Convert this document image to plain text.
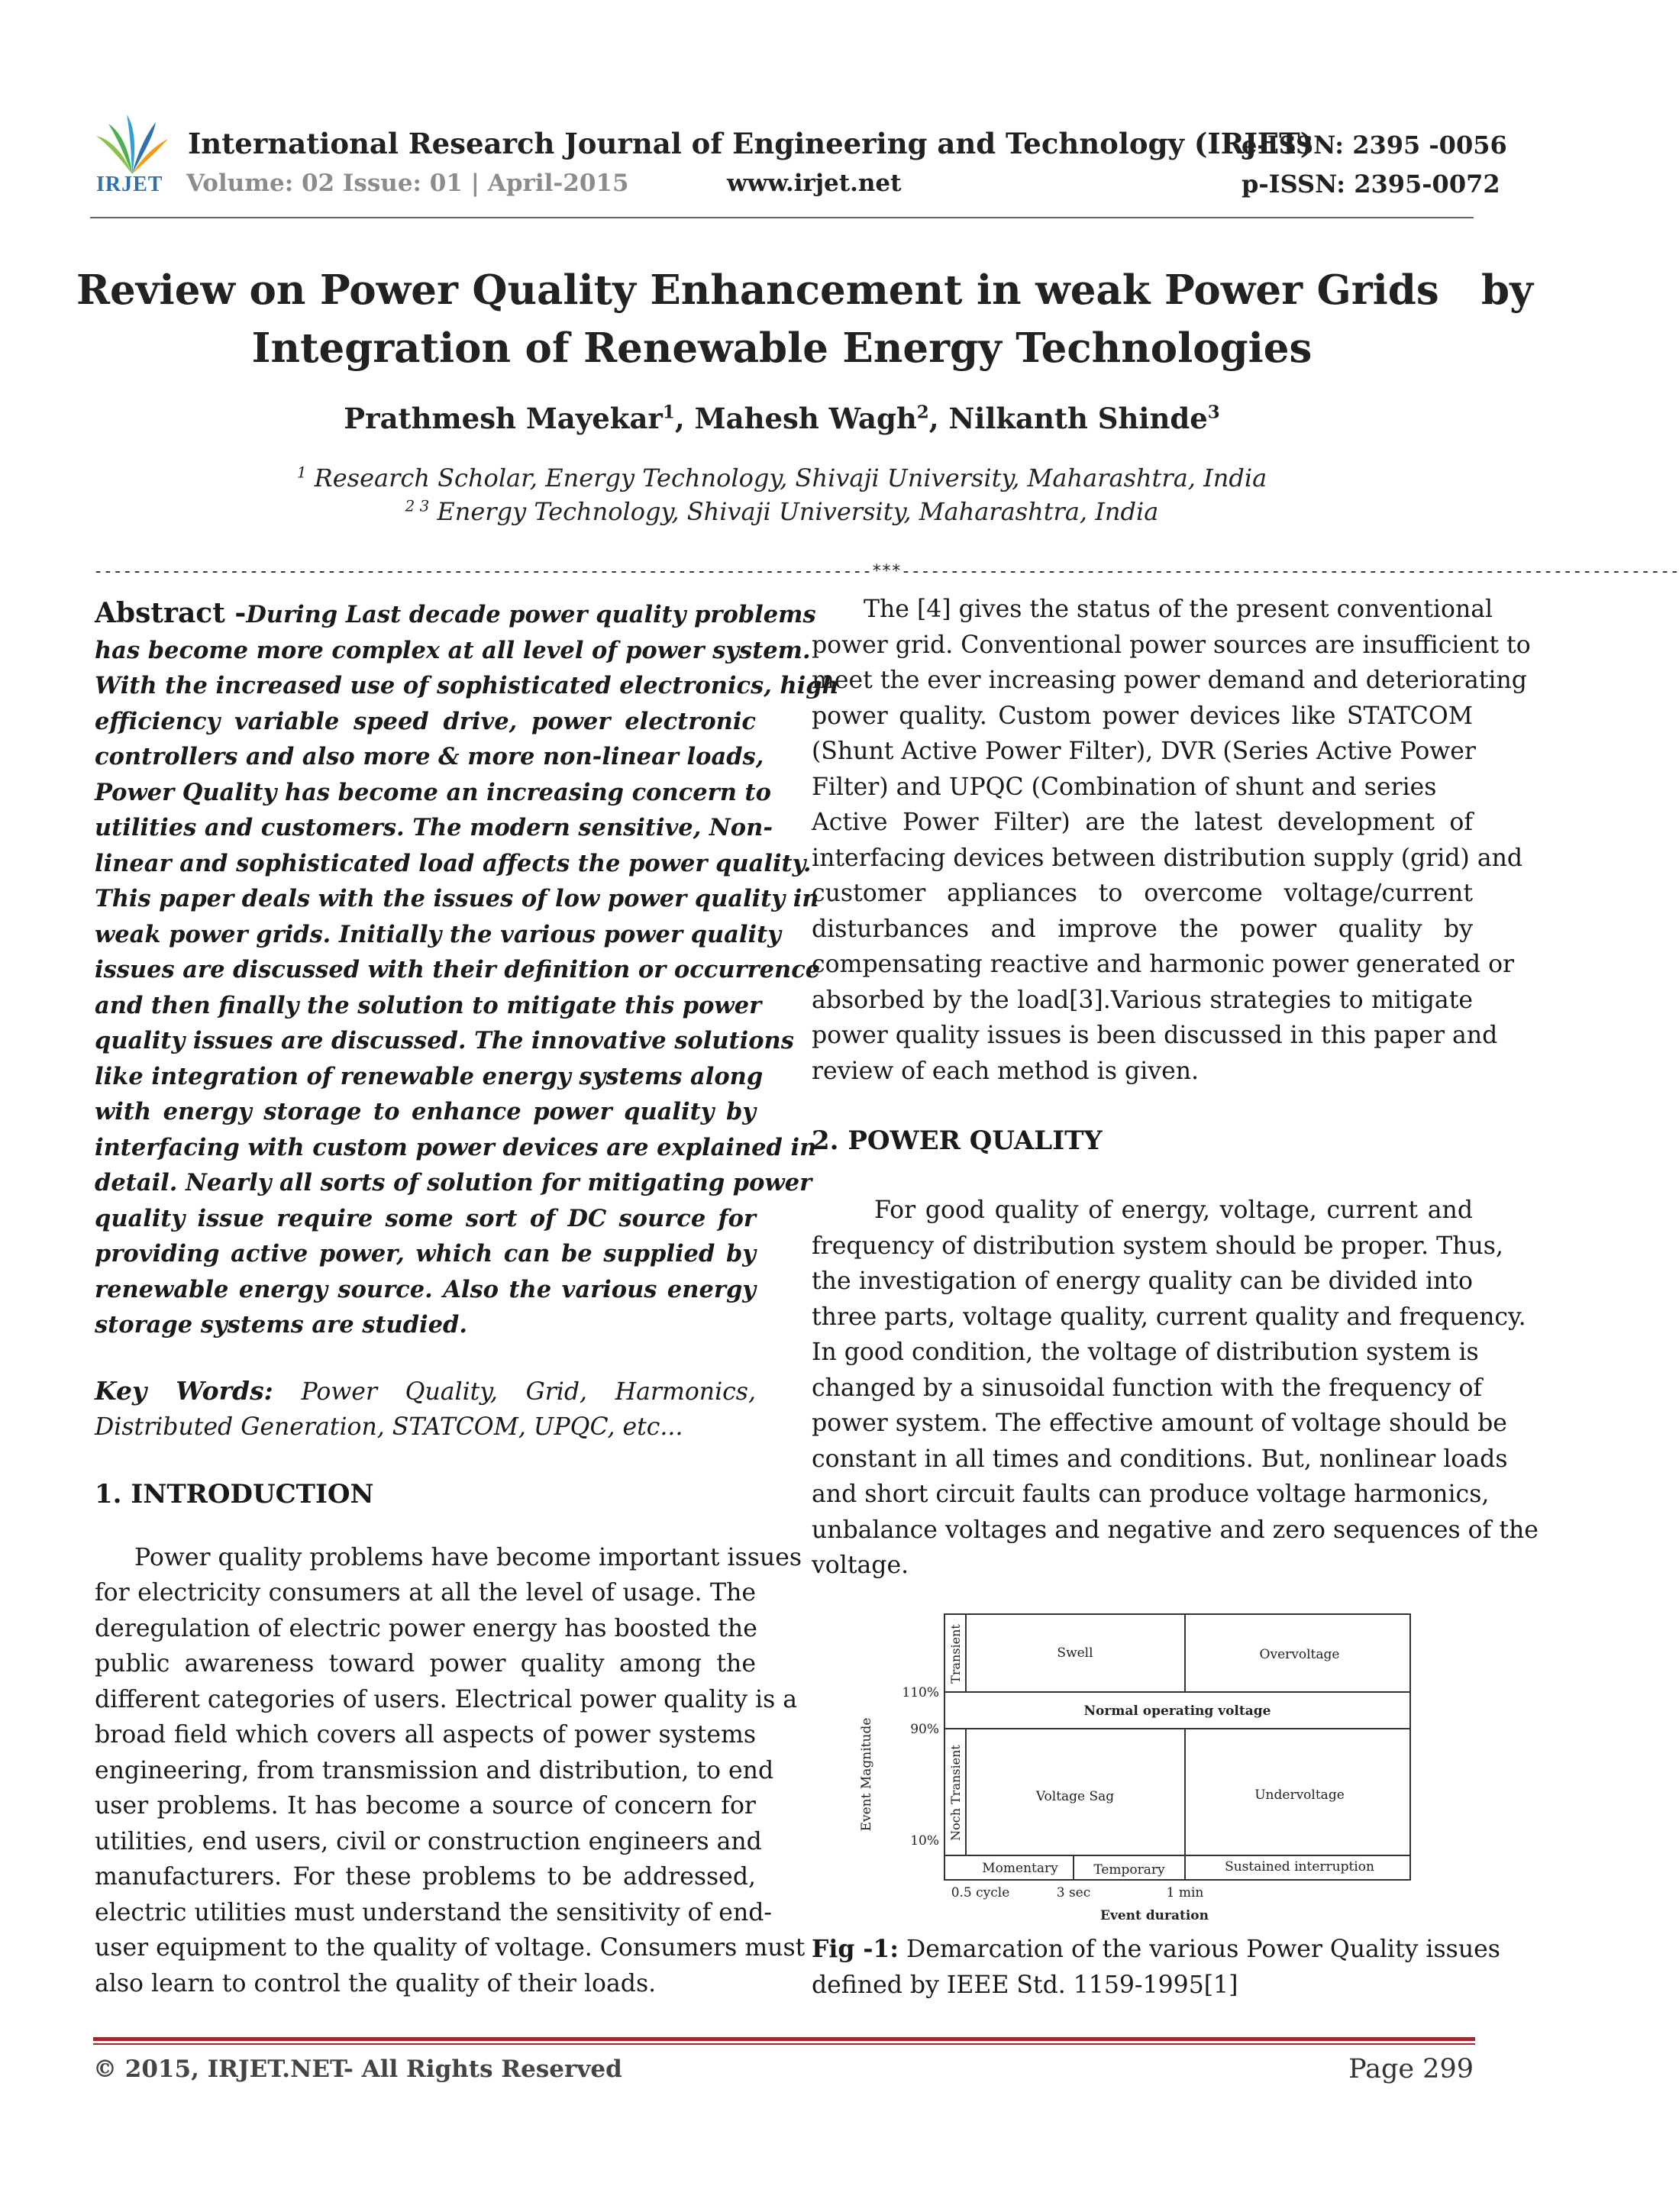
IRJET
International Research Journal of Engineering and Technology (IRJET)
e-ISSN: 2395 -0056
Volume: 02 Issue: 01 | April-2015	www.irjet.net	p-ISSN: 2395-0072
Review on Power Quality Enhancement in weak Power Grids   by
Integration of Renewable Energy Technologies
Prathmesh Mayekar$^1$, Mahesh Wagh$^2$, Nilkanth Shinde$^3$
$^1$ Research Scholar, Energy Technology, Shivaji University, Maharashtra, India
$^{2 3}$ Energy Technology, Shivaji University, Maharashtra, India
--------------------------------------------------------------------------------***--------------------------------------------------------------------------------
Abstract -During Last decade power quality problems
has become more complex at all level of power system.
With the increased use of sophisticated electronics, high
efficiency variable speed drive, power electronic
controllers and also more & more non-linear loads,
Power Quality has become an increasing concern to
utilities and customers. The modern sensitive, Non-
linear and sophisticated load affects the power quality.
This paper deals with the issues of low power quality in
weak power grids. Initially the various power quality
issues are discussed with their definition or occurrence
and then finally the solution to mitigate this power
quality issues are discussed. The innovative solutions
like integration of renewable energy systems along
with energy storage to enhance power quality by
interfacing with custom power devices are explained in
detail. Nearly all sorts of solution for mitigating power
quality issue require some sort of DC source for
providing active power, which can be supplied by
renewable energy source. Also the various energy
storage systems are studied.
Key Words: Power Quality, Grid, Harmonics,
Distributed Generation, STATCOM, UPQC, etc...
1. INTRODUCTION
Power quality problems have become important issues
for electricity consumers at all the level of usage. The
deregulation of electric power energy has boosted the
public awareness toward power quality among the
different categories of users. Electrical power quality is a
broad field which covers all aspects of power systems
engineering, from transmission and distribution, to end
user problems. It has become a source of concern for
utilities, end users, civil or construction engineers and
manufacturers. For these problems to be addressed,
electric utilities must understand the sensitivity of end-
user equipment to the quality of voltage. Consumers must
also learn to control the quality of their loads.
The [4] gives the status of the present conventional
power grid. Conventional power sources are insufficient to
meet the ever increasing power demand and deteriorating
power quality. Custom power devices like STATCOM
(Shunt Active Power Filter), DVR (Series Active Power
Filter) and UPQC (Combination of shunt and series
Active Power Filter) are the latest development of
interfacing devices between distribution supply (grid) and
customer appliances to overcome voltage/current
disturbances and improve the power quality by
compensating reactive and harmonic power generated or
absorbed by the load[3].Various strategies to mitigate
power quality issues is been discussed in this paper and
review of each method is given.
2. POWER QUALITY
For good quality of energy, voltage, current and
frequency of distribution system should be proper. Thus,
the investigation of energy quality can be divided into
three parts, voltage quality, current quality and frequency.
In good condition, the voltage of distribution system is
changed by a sinusoidal function with the frequency of
power system. The effective amount of voltage should be
constant in all times and conditions. But, nonlinear loads
and short circuit faults can produce voltage harmonics,
unbalance voltages and negative and zero sequences of the
voltage.
Swell	Overvoltage
Normal operating voltage
Voltage Sag	Undervoltage
Momentary	Temporary	Sustained interruption
Transient
Noch Transient
110%
90%
10%
Event Magnitude
0.5 cycle	3 sec	1 min
Event duration
Fig -1: Demarcation of the various Power Quality issues
defined by IEEE Std. 1159-1995[1]
© 2015, IRJET.NET- All Rights Reserved	Page 299
